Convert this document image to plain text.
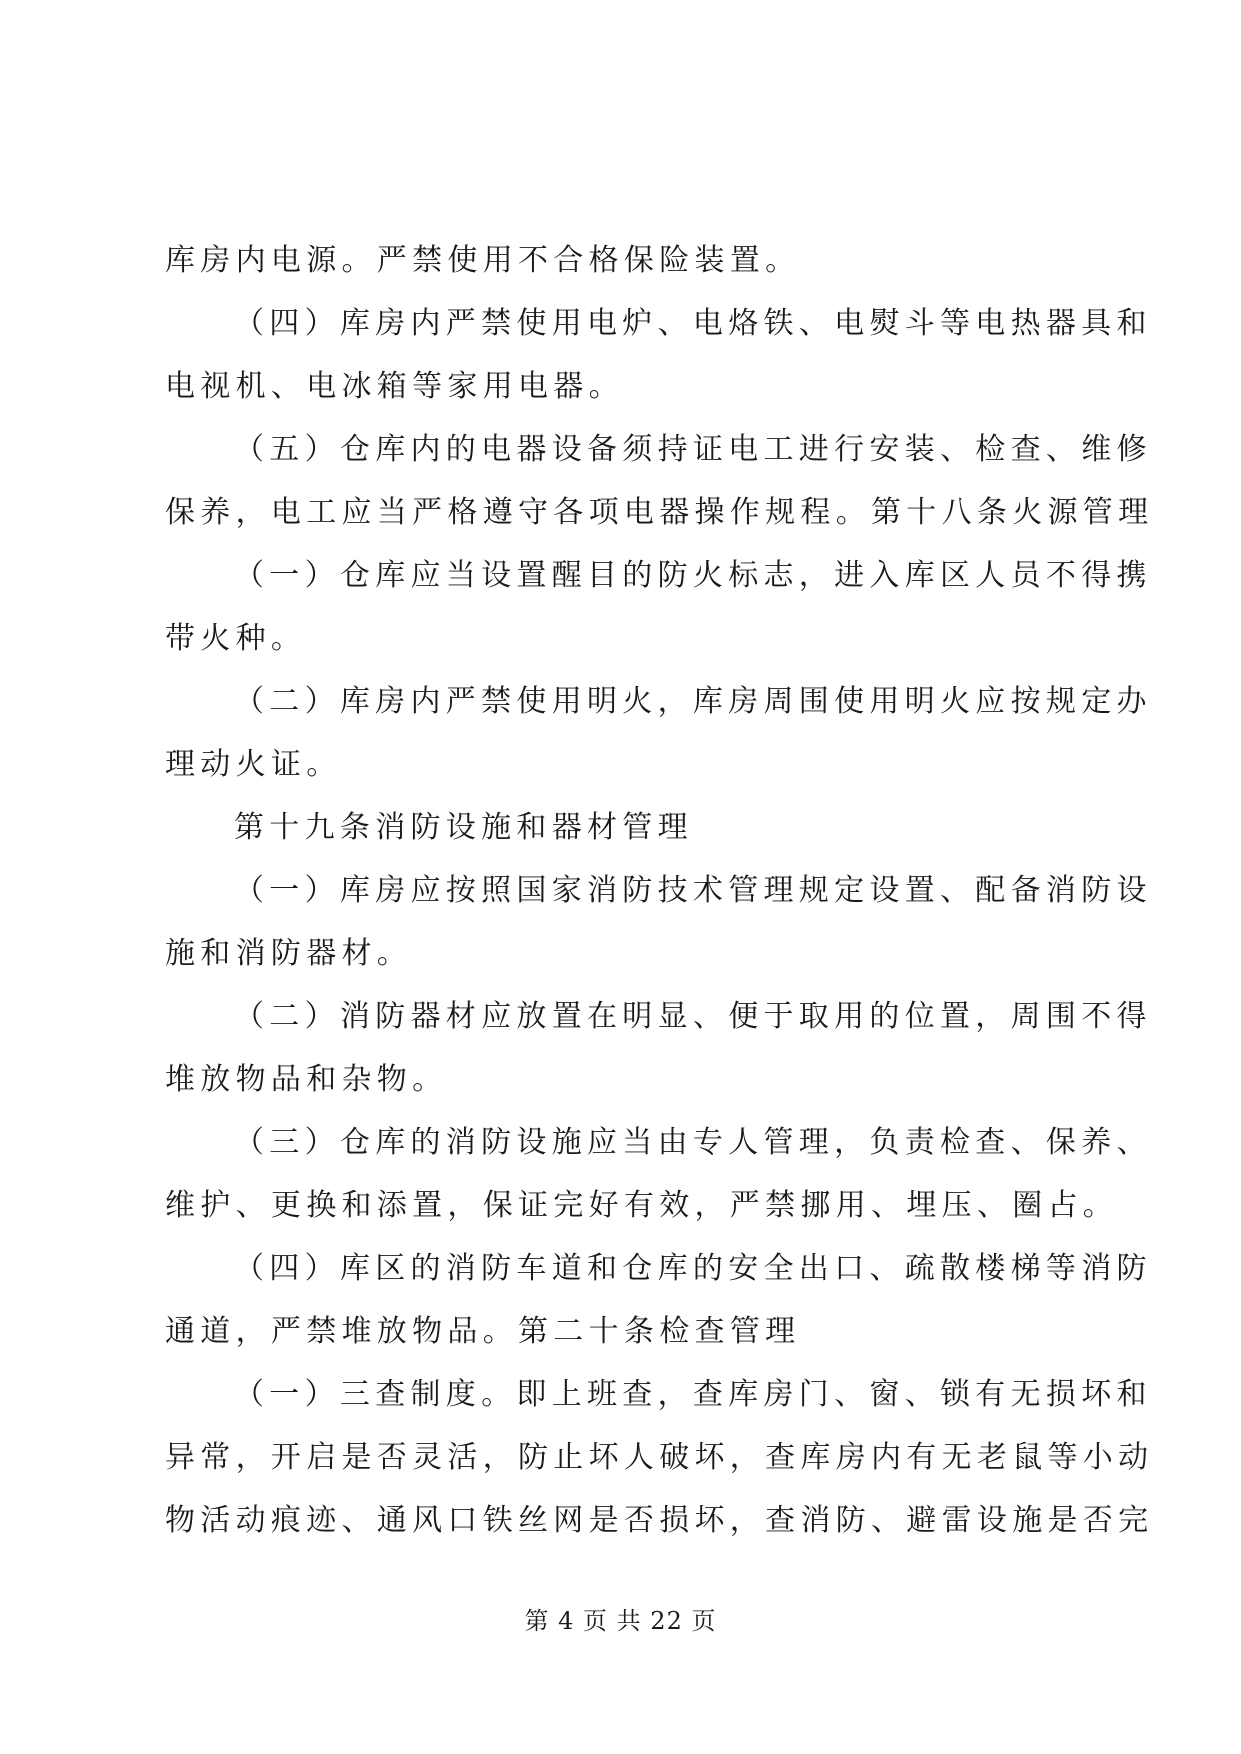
库房内电源。严禁使用不合格保险装置。
（四）库房内严禁使用电炉、电烙铁、电熨斗等电热器具和
电视机、电冰箱等家用电器。
（五）仓库内的电器设备须持证电工进行安装、检查、维修
保养，电工应当严格遵守各项电器操作规程。第十八条火源管理
（一）仓库应当设置醒目的防火标志，进入库区人员不得携
带火种。
（二）库房内严禁使用明火，库房周围使用明火应按规定办
理动火证。
第十九条消防设施和器材管理
（一）库房应按照国家消防技术管理规定设置、配备消防设
施和消防器材。
（二）消防器材应放置在明显、便于取用的位置，周围不得
堆放物品和杂物。
（三）仓库的消防设施应当由专人管理，负责检查、保养、
维护、更换和添置，保证完好有效，严禁挪用、埋压、圈占。
（四）库区的消防车道和仓库的安全出口、疏散楼梯等消防
通道，严禁堆放物品。第二十条检查管理
（一）三查制度。即上班查，查库房门、窗、锁有无损坏和
异常，开启是否灵活，防止坏人破坏，查库房内有无老鼠等小动
物活动痕迹、通风口铁丝网是否损坏，查消防、避雷设施是否完
第 4 页 共 22 页
